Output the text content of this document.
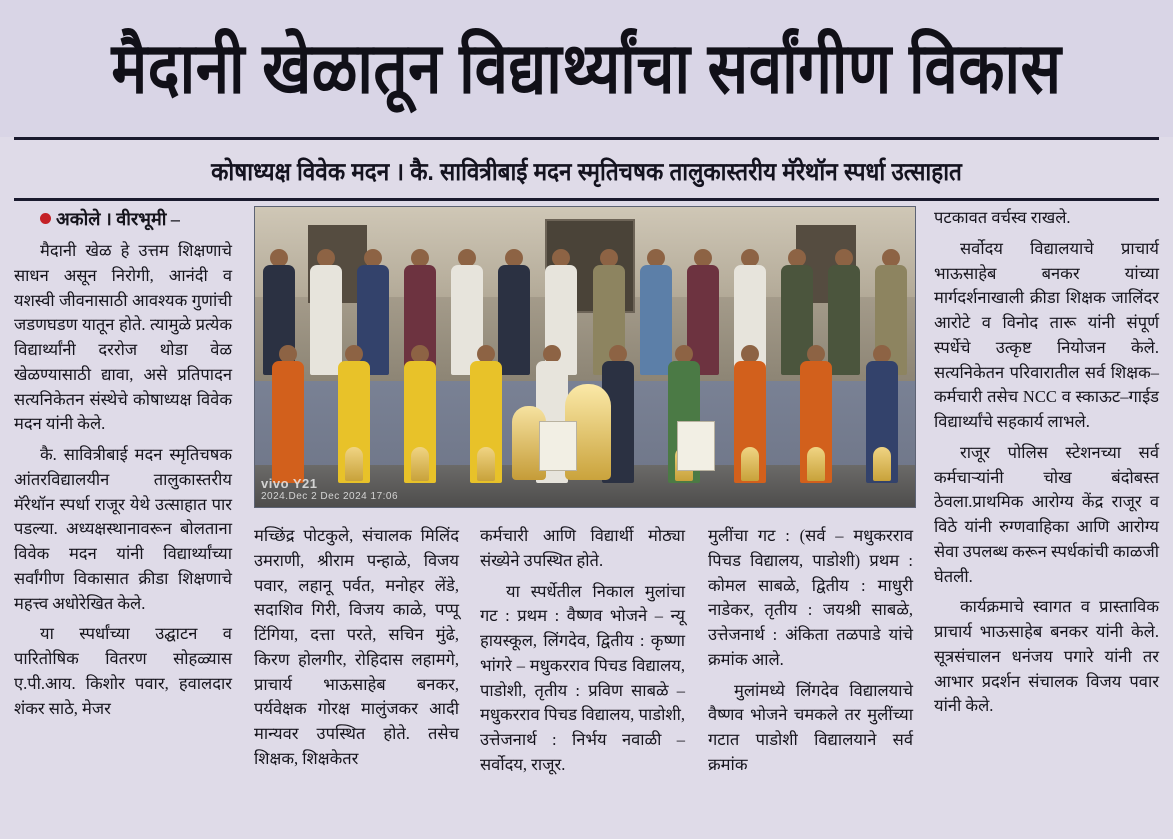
मैदानी खेळातून विद्यार्थ्यांचा सर्वांगीण विकास
कोषाध्यक्ष विवेक मदन । कै. सावित्रीबाई मदन स्मृतिचषक तालुकास्तरीय मॅरेथॉन स्पर्धा उत्साहात

अकोले । वीरभूमी –

मैदानी खेळ हे उत्तम शिक्षणाचे साधन असून निरोगी, आनंदी व यशस्वी जीवनासाठी आवश्यक गुणांची जडणघडण यातून होते. त्यामुळे प्रत्येक विद्यार्थ्यांनी दररोज थोडा वेळ खेळण्यासाठी द्यावा, असे प्रतिपादन सत्यनिकेतन संस्थेचे कोषाध्यक्ष विवेक मदन यांनी केले.

कै. सावित्रीबाई मदन स्मृतिचषक आंतरविद्यालयीन तालुकास्तरीय मॅरेथॉन स्पर्धा राजूर येथे उत्साहात पार पडल्या. अध्यक्षस्थानावरून बोलताना विवेक मदन यांनी विद्यार्थ्यांच्या सर्वांगीण विकासात क्रीडा शिक्षणाचे महत्त्व अधोरेखित केले.

या स्पर्धांच्या उद्घाटन व पारितोषिक वितरण सोहळ्यास ए.पी.आय. किशोर पवार, हवालदार शंकर साठे, मेजर

vivo Y21
2024.Dec 2 Dec 2024 17:06

मच्छिंद्र पोटकुले, संचालक मिलिंद उमराणी, श्रीराम पन्हाळे, विजय पवार, लहानू पर्वत, मनोहर लेंडे, सदाशिव गिरी, विजय काळे, पप्पू टिंगिया, दत्ता परते, सचिन मुंढे, किरण होलगीर, रोहिदास लहामगे, प्राचार्य भाऊसाहेब बनकर, पर्यवेक्षक गोरक्ष मालुंजकर आदी मान्यवर उपस्थित होते. तसेच शिक्षक, शिक्षकेतर

कर्मचारी आणि विद्यार्थी मोठ्या संख्येने उपस्थित होते.

या स्पर्धेतील निकाल मुलांचा गट : प्रथम : वैष्णव भोजने – न्यू हायस्कूल, लिंगदेव, द्वितीय : कृष्णा भांगरे – मधुकरराव पिचड विद्यालय, पाडोशी, तृतीय : प्रविण साबळे – मधुकरराव पिचड विद्यालय, पाडोशी, उत्तेजनार्थ : निर्भय नवाळी – सर्वोदय, राजूर.

मुलींचा गट : (सर्व – मधुकरराव पिचड विद्यालय, पाडोशी) प्रथम : कोमल साबळे, द्वितीय : माधुरी नाडेकर, तृतीय : जयश्री साबळे, उत्तेजनार्थ : अंकिता तळपाडे यांचे क्रमांक आले.

मुलांमध्ये लिंगदेव विद्यालयाचे वैष्णव भोजने चमकले तर मुलींच्या गटात पाडोशी विद्यालयाने सर्व क्रमांक

पटकावत वर्चस्व राखले.

सर्वोदय विद्यालयाचे प्राचार्य भाऊसाहेब बनकर यांच्या मार्गदर्शनाखाली क्रीडा शिक्षक जालिंदर आरोटे व विनोद तारू यांनी संपूर्ण स्पर्धेचे उत्कृष्ट नियोजन केले. सत्यनिकेतन परिवारातील सर्व शिक्षक–कर्मचारी तसेच NCC व स्काऊट–गाईड विद्यार्थ्यांचे सहकार्य लाभले.

राजूर पोलिस स्टेशनच्या सर्व कर्मचाऱ्यांनी चोख बंदोबस्त ठेवला.प्राथमिक आरोग्य केंद्र राजूर व विठे यांनी रुग्णवाहिका आणि आरोग्य सेवा उपलब्ध करून स्पर्धकांची काळजी घेतली.

कार्यक्रमाचे स्वागत व प्रास्ताविक प्राचार्य भाऊसाहेब बनकर यांनी केले. सूत्रसंचालन धनंजय पगारे यांनी तर आभार प्रदर्शन संचालक विजय पवार यांनी केले.
